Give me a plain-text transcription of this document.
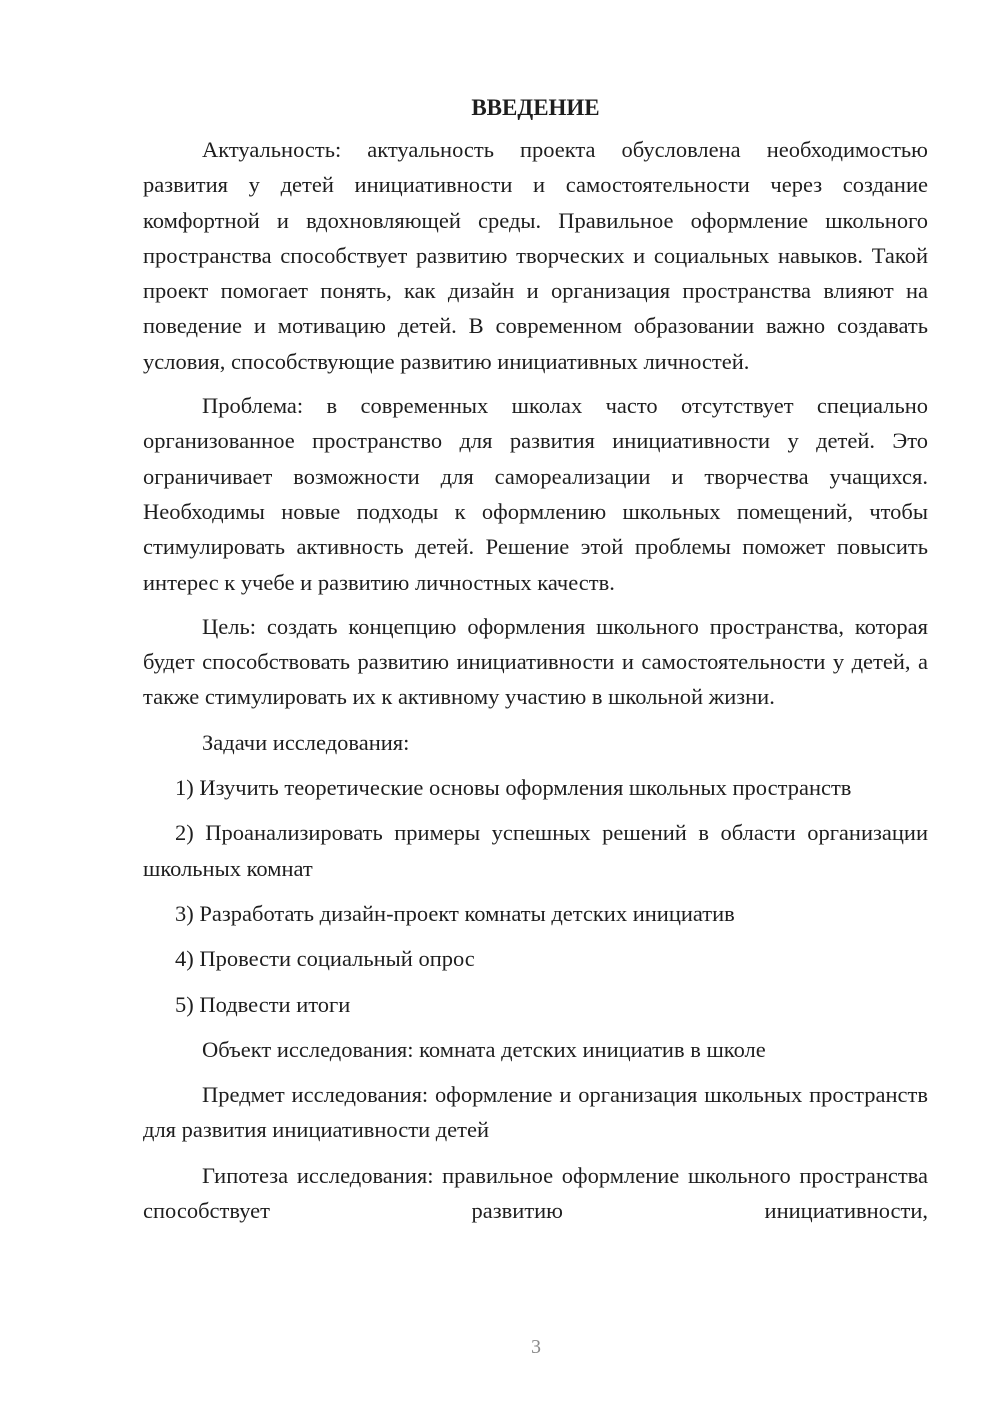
ВВЕДЕНИЕ

Актуальность: актуальность проекта обусловлена необходимостью развития у детей инициативности и самостоятельности через создание комфортной и вдохновляющей среды. Правильное оформление школьного пространства способствует развитию творческих и социальных навыков. Такой проект помогает понять, как дизайн и организация пространства влияют на поведение и мотивацию детей. В современном образовании важно создавать условия, способствующие развитию инициативных личностей.

Проблема: в современных школах часто отсутствует специально организованное пространство для развития инициативности у детей. Это ограничивает возможности для самореализации и творчества учащихся. Необходимы новые подходы к оформлению школьных помещений, чтобы стимулировать активность детей. Решение этой проблемы поможет повысить интерес к учебе и развитию личностных качеств.

Цель: создать концепцию оформления школьного пространства, которая будет способствовать развитию инициативности и самостоятельности у детей, а также стимулировать их к активному участию в школьной жизни.

Задачи исследования:

1) Изучить теоретические основы оформления школьных пространств

2) Проанализировать примеры успешных решений в области организации школьных комнат

3) Разработать дизайн-проект комнаты детских инициатив

4) Провести социальный опрос

5) Подвести итоги

Объект исследования: комната детских инициатив в школе

Предмет исследования: оформление и организация школьных пространств для развития инициативности детей

Гипотеза исследования: правильное оформление школьного пространства способствует развитию инициативности,

3
